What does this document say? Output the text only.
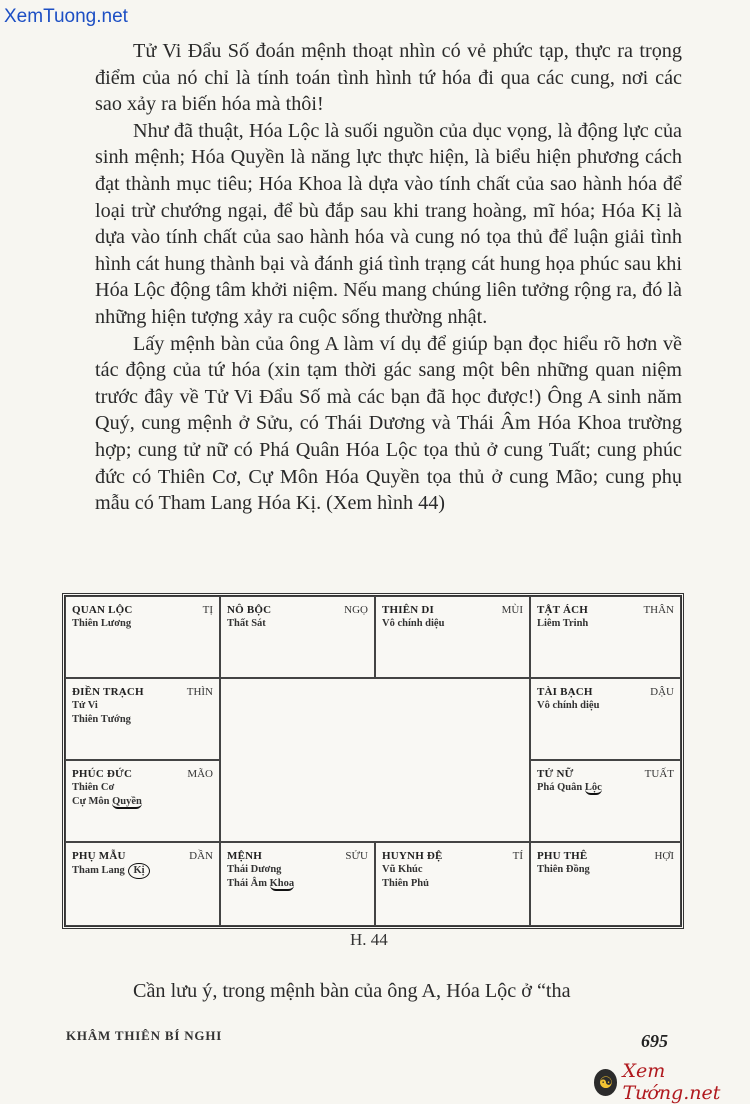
XemTuong.net

Tử Vi Đẩu Số đoán mệnh thoạt nhìn có vẻ phức tạp, thực ra trọng điểm của nó chỉ là tính toán tình hình tứ hóa đi qua các cung, nơi các sao xảy ra biến hóa mà thôi!

Như đã thuật, Hóa Lộc là suối nguồn của dục vọng, là động lực của sinh mệnh; Hóa Quyền là năng lực thực hiện, là biểu hiện phương cách đạt thành mục tiêu; Hóa Khoa là dựa vào tính chất của sao hành hóa để loại trừ chướng ngại, để bù đắp sau khi trang hoàng, mĩ hóa; Hóa Kị là dựa vào tính chất của sao hành hóa và cung nó tọa thủ để luận giải tình hình cát hung thành bại và đánh giá tình trạng cát hung họa phúc sau khi Hóa Lộc động tâm khởi niệm. Nếu mang chúng liên tưởng rộng ra, đó là những hiện tượng xảy ra cuộc sống thường nhật.

Lấy mệnh bàn của ông A làm ví dụ để giúp bạn đọc hiểu rõ hơn về tác động của tứ hóa (xin tạm thời gác sang một bên những quan niệm trước đây về Tử Vi Đẩu Số mà các bạn đã học được!) Ông A sinh năm Quý, cung mệnh ở Sửu, có Thái Dương và Thái Âm Hóa Khoa trường hợp; cung tử nữ có Phá Quân Hóa Lộc tọa thủ ở cung Tuất; cung phúc đức có Thiên Cơ, Cự Môn Hóa Quyền tọa thủ ở cung Mão; cung phụ mẫu có Tham Lang Hóa Kị. (Xem hình 44)

QUAN LỘC	TỊ
Thiên Lương
NÔ BỘC	NGỌ
Thất Sát
THIÊN DI	MÙI
Vô chính diệu
TẬT ÁCH	THÂN
Liêm Trinh
ĐIỀN TRẠCH	THÌN
Tử Vi
Thiên Tướng
TÀI BẠCH	DẬU
Vô chính diệu
PHÚC ĐỨC	MÃO
Thiên Cơ
Cự Môn Quyền
TỬ NỮ	TUẤT
Phá Quân Lộc
PHỤ MẪU	DẦN
Tham Lang Kị
MỆNH	SỬU
Thái Dương
Thái Âm Khoa
HUYNH ĐỆ	TÍ
Vũ Khúc
Thiên Phủ
PHU THÊ	HỢI
Thiên Đồng
H. 44
Cần lưu ý, trong mệnh bàn của ông A, Hóa Lộc ở “tha
KHÂM THIÊN BÍ NGHI	695
☯ Xem Tướng.net
